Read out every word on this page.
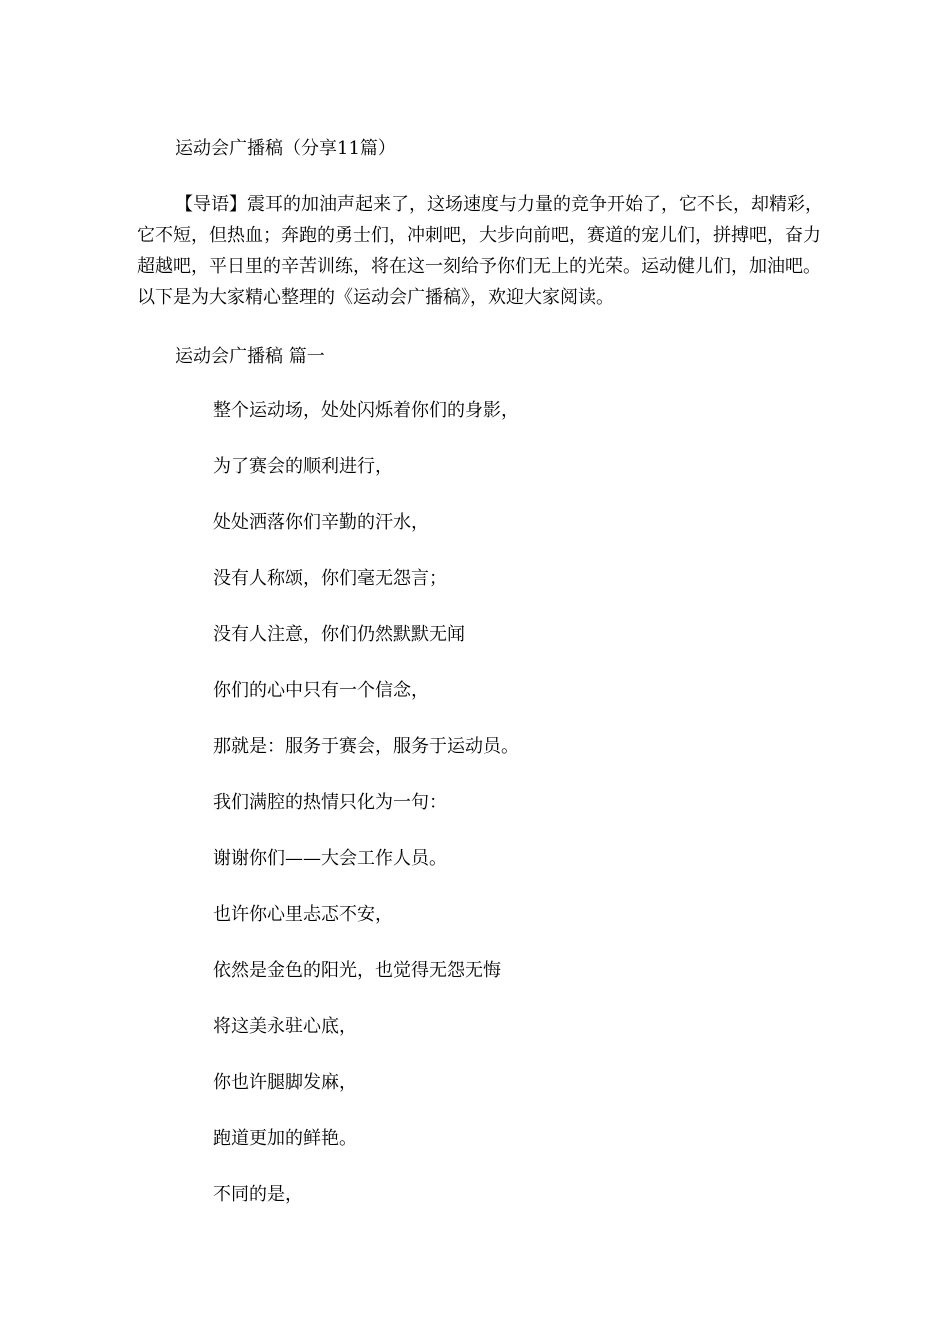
运动会广播稿（分享11篇）

【导语】震耳的加油声起来了，这场速度与力量的竞争开始了，它不长，却精彩，它不短，但热血；奔跑的勇士们，冲刺吧，大步向前吧，赛道的宠儿们，拼搏吧，奋力超越吧，平日里的辛苦训练，将在这一刻给予你们无上的光荣。运动健儿们，加油吧。以下是为大家精心整理的《运动会广播稿》，欢迎大家阅读。

运动会广播稿 篇一
整个运动场，处处闪烁着你们的身影，
为了赛会的顺利进行，
处处洒落你们辛勤的汗水，
没有人称颂，你们毫无怨言；
没有人注意，你们仍然默默无闻
你们的心中只有一个信念，
那就是：服务于赛会，服务于运动员。
我们满腔的热情只化为一句：
谢谢你们——大会工作人员。
也许你心里忐忑不安，
依然是金色的阳光，也觉得无怨无悔
将这美永驻心底，
你也许腿脚发麻，
跑道更加的鲜艳。
不同的是，
